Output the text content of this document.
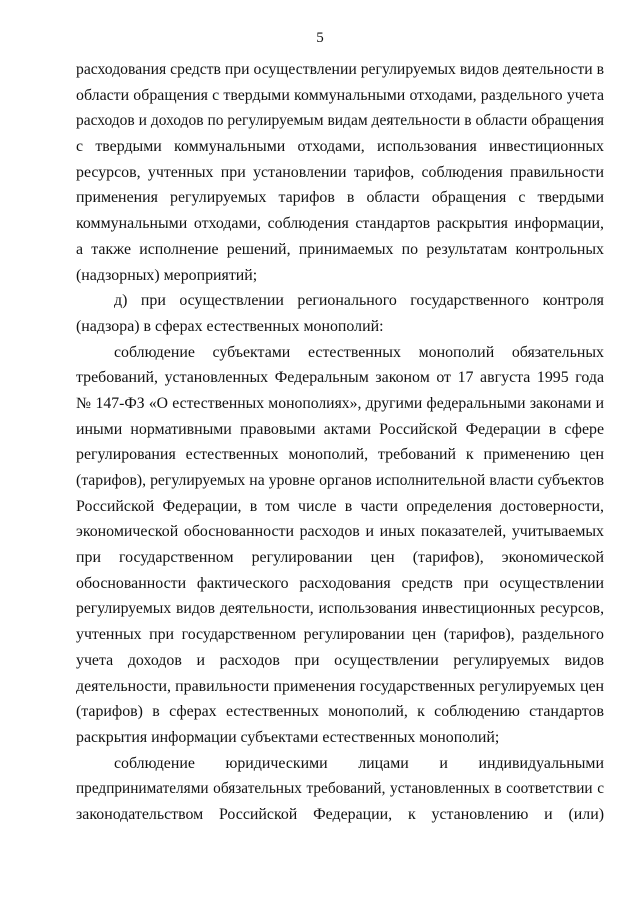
5
расходования средств при осуществлении регулируемых видов деятельности в
области обращения с твердыми коммунальными отходами, раздельного учета
расходов и доходов по регулируемым видам деятельности в области обращения
с твердыми коммунальными отходами, использования инвестиционных
ресурсов, учтенных при установлении тарифов, соблюдения правильности
применения регулируемых тарифов в области обращения с твердыми
коммунальными отходами, соблюдения стандартов раскрытия информации,
а также исполнение решений, принимаемых по результатам контрольных
(надзорных) мероприятий;
д) при осуществлении регионального государственного контроля
(надзора) в сферах естественных монополий:
соблюдение субъектами естественных монополий обязательных
требований, установленных Федеральным законом от 17 августа 1995 года
№ 147-ФЗ «О естественных монополиях», другими федеральными законами и
иными нормативными правовыми актами Российской Федерации в сфере
регулирования естественных монополий, требований к применению цен
(тарифов), регулируемых на уровне органов исполнительной власти субъектов
Российской Федерации, в том числе в части определения достоверности,
экономической обоснованности расходов и иных показателей, учитываемых
при государственном регулировании цен (тарифов), экономической
обоснованности фактического расходования средств при осуществлении
регулируемых видов деятельности, использования инвестиционных ресурсов,
учтенных при государственном регулировании цен (тарифов), раздельного
учета доходов и расходов при осуществлении регулируемых видов
деятельности, правильности применения государственных регулируемых цен
(тарифов) в сферах естественных монополий, к соблюдению стандартов
раскрытия информации субъектами естественных монополий;
соблюдение юридическими лицами и индивидуальными
предпринимателями обязательных требований, установленных в соответствии с
законодательством Российской Федерации, к установлению и (или)
